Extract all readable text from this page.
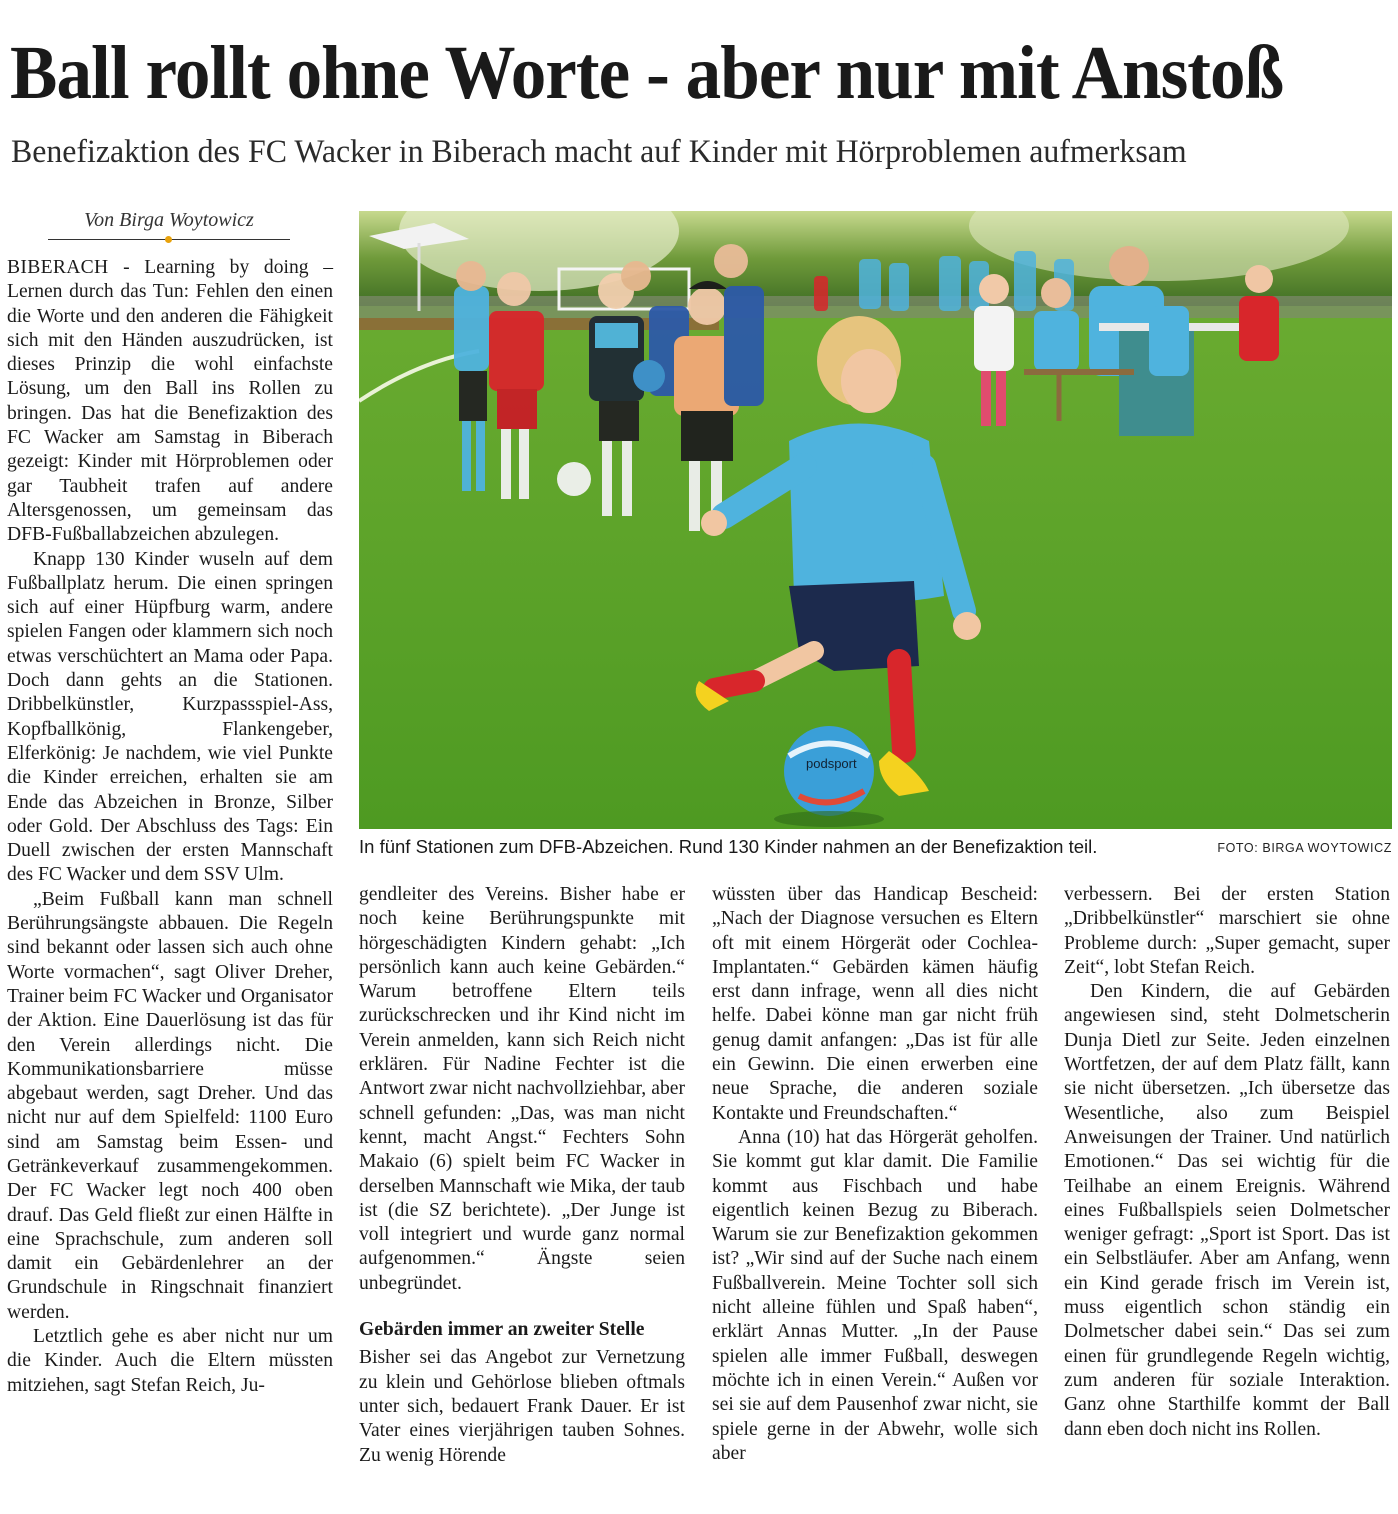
Ball rollt ohne Worte - aber nur mit Anstoß
Benefizaktion des FC Wacker in Biberach macht auf Kinder mit Hörproblemen aufmerksam
Von Birga Woytowicz

BIBERACH - Learning by doing – Lernen durch das Tun: Fehlen den einen die Worte und den anderen die Fähigkeit sich mit den Händen auszudrücken, ist dieses Prinzip die wohl einfachste Lösung, um den Ball ins Rollen zu bringen. Das hat die Benefizaktion des FC Wacker am Samstag in Biberach gezeigt: Kinder mit Hörproblemen oder gar Taubheit trafen auf andere Altersgenossen, um gemeinsam das DFB-Fußballabzeichen abzulegen.

Knapp 130 Kinder wuseln auf dem Fußballplatz herum. Die einen springen sich auf einer Hüpfburg warm, andere spielen Fangen oder klammern sich noch etwas verschüchtert an Mama oder Papa. Doch dann gehts an die Stationen. Dribbelkünstler, Kurzpassspiel-Ass, Kopfballkönig, Flankengeber, Elferkönig: Je nachdem, wie viel Punkte die Kinder erreichen, erhalten sie am Ende das Abzeichen in Bronze, Silber oder Gold. Der Abschluss des Tags: Ein Duell zwischen der ersten Mannschaft des FC Wacker und dem SSV Ulm.

„Beim Fußball kann man schnell Berührungsängste abbauen. Die Regeln sind bekannt oder lassen sich auch ohne Worte vormachen“, sagt Oliver Dreher, Trainer beim FC Wacker und Organisator der Aktion. Eine Dauerlösung ist das für den Verein allerdings nicht. Die Kommunikationsbarriere müsse abgebaut werden, sagt Dreher. Und das nicht nur auf dem Spielfeld: 1100 Euro sind am Samstag beim Essen- und Getränkeverkauf zusammengekommen. Der FC Wacker legt noch 400 oben drauf. Das Geld fließt zur einen Hälfte in eine Sprachschule, zum anderen soll damit ein Gebärdenlehrer an der Grundschule in Ringschnait finanziert werden.

Letztlich gehe es aber nicht nur um die Kinder. Auch die Eltern müssten mitziehen, sagt Stefan Reich, Ju-

podsport
In fünf Stationen zum DFB-Abzeichen. Rund 130 Kinder nahmen an der Benefizaktion teil.	FOTO: BIRGA WOYTOWICZ

gendleiter des Vereins. Bisher habe er noch keine Berührungspunkte mit hörgeschädigten Kindern gehabt: „Ich persönlich kann auch keine Gebärden.“ Warum betroffene Eltern teils zurückschrecken und ihr Kind nicht im Verein anmelden, kann sich Reich nicht erklären. Für Nadine Fechter ist die Antwort zwar nicht nachvollziehbar, aber schnell gefunden: „Das, was man nicht kennt, macht Angst.“ Fechters Sohn Makaio (6) spielt beim FC Wacker in derselben Mannschaft wie Mika, der taub ist (die SZ berichtete). „Der Junge ist voll integriert und wurde ganz normal aufgenommen.“ Ängste seien unbegründet.

Gebärden immer an zweiter Stelle

Bisher sei das Angebot zur Vernetzung zu klein und Gehörlose blieben oftmals unter sich, bedauert Frank Dauer. Er ist Vater eines vierjährigen tauben Sohnes. Zu wenig Hörende

wüssten über das Handicap Bescheid: „Nach der Diagnose versuchen es Eltern oft mit einem Hörgerät oder Cochlea-Implantaten.“ Gebärden kämen häufig erst dann infrage, wenn all dies nicht helfe. Dabei könne man gar nicht früh genug damit anfangen: „Das ist für alle ein Gewinn. Die einen erwerben eine neue Sprache, die anderen soziale Kontakte und Freundschaften.“

Anna (10) hat das Hörgerät geholfen. Sie kommt gut klar damit. Die Familie kommt aus Fischbach und habe eigentlich keinen Bezug zu Biberach. Warum sie zur Benefizaktion gekommen ist? „Wir sind auf der Suche nach einem Fußballverein. Meine Tochter soll sich nicht alleine fühlen und Spaß haben“, erklärt Annas Mutter. „In der Pause spielen alle immer Fußball, deswegen möchte ich in einen Verein.“ Außen vor sei sie auf dem Pausenhof zwar nicht, sie spiele gerne in der Abwehr, wolle sich aber

verbessern. Bei der ersten Station „Dribbelkünstler“ marschiert sie ohne Probleme durch: „Super gemacht, super Zeit“, lobt Stefan Reich.

Den Kindern, die auf Gebärden angewiesen sind, steht Dolmetscherin Dunja Dietl zur Seite. Jeden einzelnen Wortfetzen, der auf dem Platz fällt, kann sie nicht übersetzen. „Ich übersetze das Wesentliche, also zum Beispiel Anweisungen der Trainer. Und natürlich Emotionen.“ Das sei wichtig für die Teilhabe an einem Ereignis. Während eines Fußballspiels seien Dolmetscher weniger gefragt: „Sport ist Sport. Das ist ein Selbstläufer. Aber am Anfang, wenn ein Kind gerade frisch im Verein ist, muss eigentlich schon ständig ein Dolmetscher dabei sein.“ Das sei zum einen für grundlegende Regeln wichtig, zum anderen für soziale Interaktion. Ganz ohne Starthilfe kommt der Ball dann eben doch nicht ins Rollen.
